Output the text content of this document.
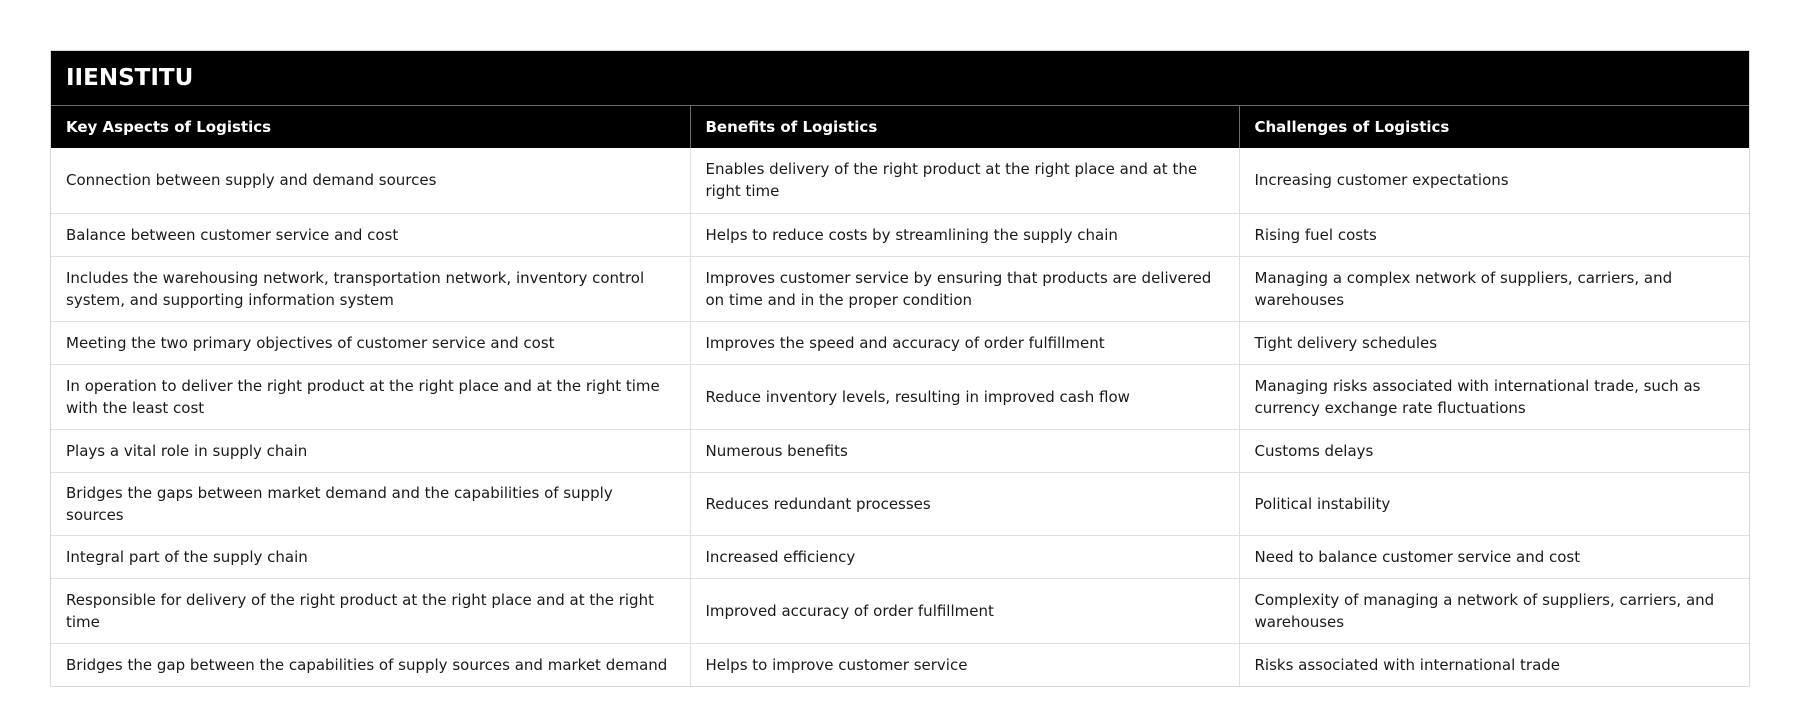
IIENSTITU
Key Aspects of Logistics	Benefits of Logistics	Challenges of Logistics
Connection between supply and demand sources	Enables delivery of the right product at the right place and at the right time	Increasing customer expectations
Balance between customer service and cost	Helps to reduce costs by streamlining the supply chain	Rising fuel costs
Includes the warehousing network, transportation network, inventory control system, and supporting information system	Improves customer service by ensuring that products are delivered on time and in the proper condition	Managing a complex network of suppliers, carriers, and warehouses
Meeting the two primary objectives of customer service and cost	Improves the speed and accuracy of order fulfillment	Tight delivery schedules
In operation to deliver the right product at the right place and at the right time with the least cost	Reduce inventory levels, resulting in improved cash flow	Managing risks associated with international trade, such as currency exchange rate fluctuations
Plays a vital role in supply chain	Numerous benefits	Customs delays
Bridges the gaps between market demand and the capabilities of supply sources	Reduces redundant processes	Political instability
Integral part of the supply chain	Increased efficiency	Need to balance customer service and cost
Responsible for delivery of the right product at the right place and at the right time	Improved accuracy of order fulfillment	Complexity of managing a network of suppliers, carriers, and warehouses
Bridges the gap between the capabilities of supply sources and market demand	Helps to improve customer service	Risks associated with international trade
